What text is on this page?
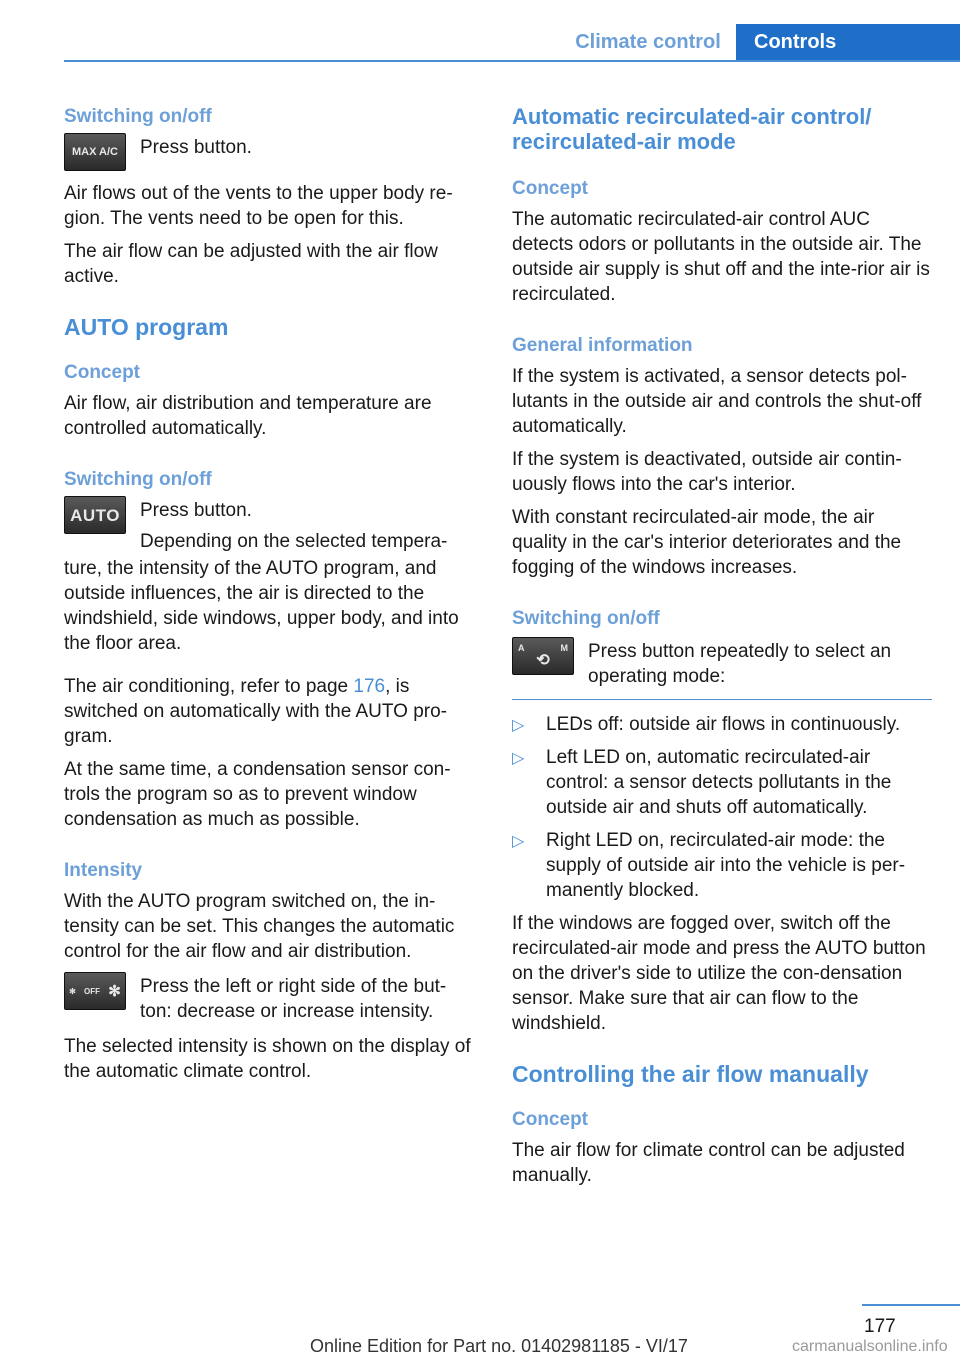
Climate control	Controls
Switching on/off
MAX A/C	Press button.

Air flows out of the vents to the upper body re-gion. The vents need to be open for this.

The air flow can be adjusted with the air flow active.

AUTO program
Concept

Air flow, air distribution and temperature are controlled automatically.

Switching on/off
AUTO	Press button.
Depending on the selected tempera-

ture, the intensity of the AUTO program, and outside influences, the air is directed to the windshield, side windows, upper body, and into the floor area.

The air conditioning, refer to page 176, is switched on automatically with the AUTO pro-gram.

At the same time, a condensation sensor con-trols the program so as to prevent window condensation as much as possible.

Intensity

With the AUTO program switched on, the in-tensity can be set. This changes the automatic control for the air flow and air distribution.

✻ OFF ✻ Press the left or right side of the but-ton: decrease or increase intensity.

The selected intensity is shown on the display of the automatic climate control.

Automatic recirculated-air control/ recirculated-air mode
Concept

The automatic recirculated-air control AUC detects odors or pollutants in the outside air. The outside air supply is shut off and the inte-rior air is recirculated.

General information

If the system is activated, a sensor detects pol-lutants in the outside air and controls the shut-off automatically.

If the system is deactivated, outside air contin-uously flows into the car's interior.

With constant recirculated-air mode, the air quality in the car's interior deteriorates and the fogging of the windows increases.

Switching on/off
A	M
⟲ Press button repeatedly to select an operating mode:
▷ LEDs off: outside air flows in continuously.
▷ Left LED on, automatic recirculated-air control: a sensor detects pollutants in the outside air and shuts off automatically.
▷ Right LED on, recirculated-air mode: the supply of outside air into the vehicle is per-manently blocked.

If the windows are fogged over, switch off the recirculated-air mode and press the AUTO button on the driver's side to utilize the con-densation sensor. Make sure that air can flow to the windshield.

Controlling the air flow manually
Concept

The air flow for climate control can be adjusted manually.

177
Online Edition for Part no. 01402981185 - VI/17	carmanualsonline.info
